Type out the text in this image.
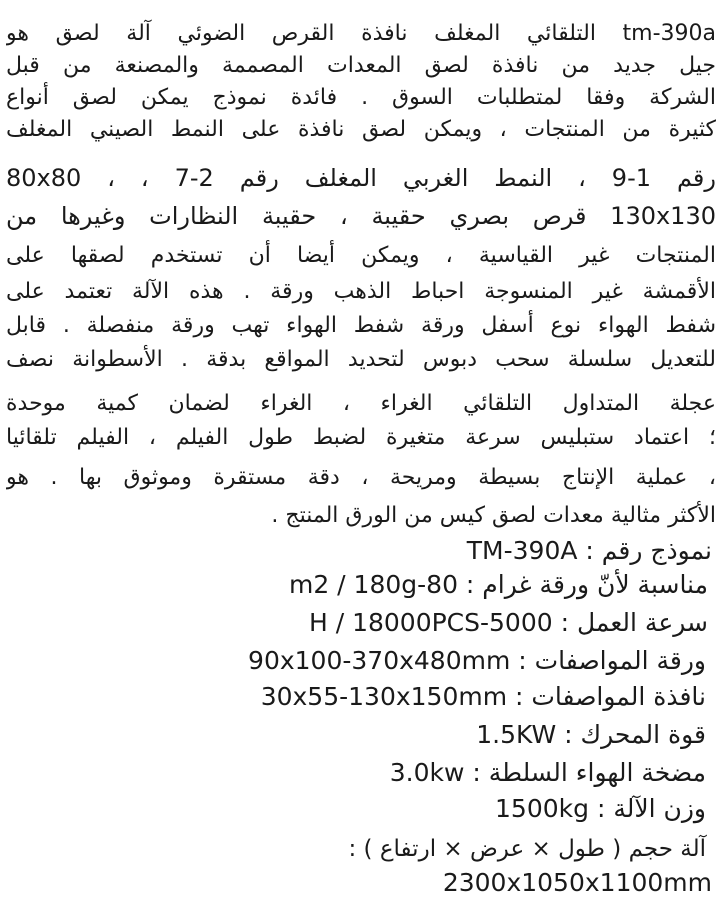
tm-390a التلقائي المغلف نافذة القرص الضوئي آلة لصق هو
جيل جديد من نافذة لصق المعدات المصممة والمصنعة من قبل
الشركة وفقا لمتطلبات السوق . فائدة نموذج يمكن لصق أنواع
كثيرة من المنتجات ، ويمكن لصق نافذة على النمط الصيني المغلف
رقم 1-9 ، النمط الغربي المغلف رقم 2-7 ، ، 80x80
130x130 قرص بصري حقيبة ، حقيبة النظارات وغيرها من
المنتجات غير القياسية ، ويمكن أيضا أن تستخدم لصقها على
الأقمشة غير المنسوجة احباط الذهب ورقة . هذه الآلة تعتمد على
شفط الهواء نوع أسفل ورقة شفط الهواء تهب ورقة منفصلة . قابل
للتعديل سلسلة سحب دبوس لتحديد المواقع بدقة . الأسطوانة نصف
عجلة المتداول التلقائي الغراء ، الغراء لضمان كمية موحدة
؛ اعتماد ستبليس سرعة متغيرة لضبط طول الفيلم ، الفيلم تلقائيا
، عملية الإنتاج بسيطة ومريحة ، دقة مستقرة وموثوق بها . هو
الأكثر مثالية معدات لصق كيس من الورق المنتج .
نموذج رقم : TM-390A
مناسبة لأنّ ورقة غرام : 80-m2 / 180g
سرعة العمل : 5000-H / 18000PCS
ورقة المواصفات : 90x100-370x480mm
نافذة المواصفات : 30x55-130x150mm
قوة المحرك : 1.5KW
مضخة الهواء السلطة : 3.0kw
وزن الآلة : 1500kg
آلة حجم ( طول × عرض × ارتفاع ) :
2300x1050x1100mm
